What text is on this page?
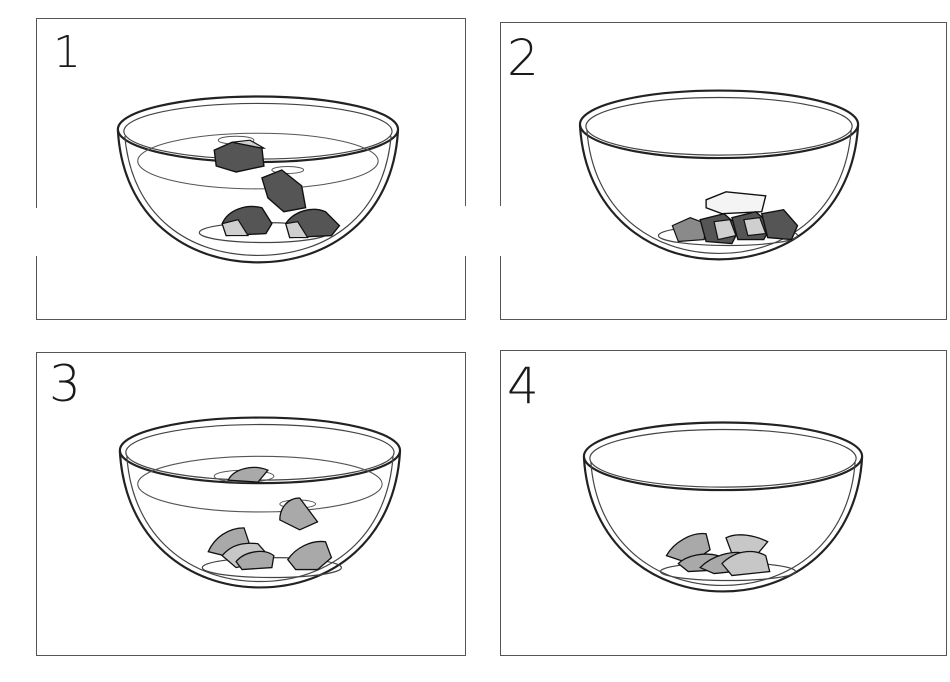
1	2
3	4
